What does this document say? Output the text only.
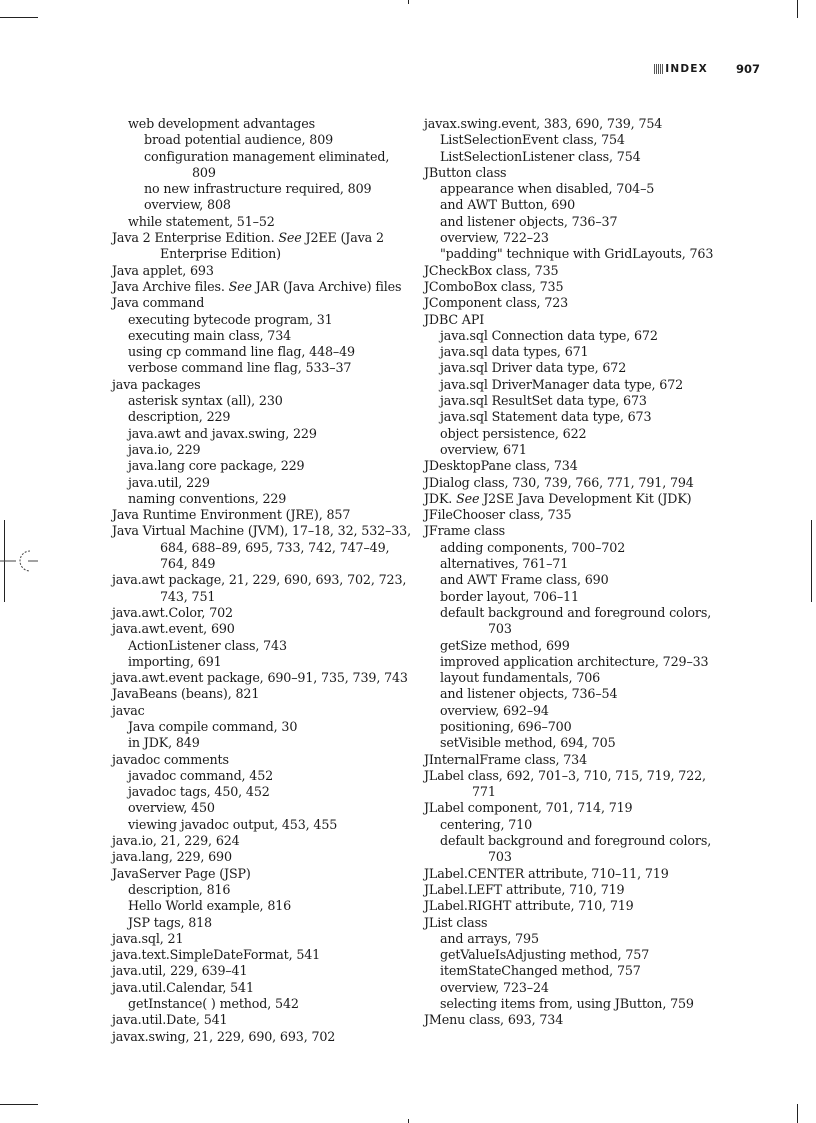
INDEX 907
web development advantages
broad potential audience, 809
configuration management eliminated, 809
no new infrastructure required, 809
overview, 808
while statement, 51–52
Java 2 Enterprise Edition. See J2EE (Java 2 Enterprise Edition)
Java applet, 693
Java Archive files. See JAR (Java Archive) files
Java command
executing bytecode program, 31
executing main class, 734
using cp command line flag, 448–49
verbose command line flag, 533–37
java packages
asterisk syntax (all), 230
description, 229
java.awt and javax.swing, 229
java.io, 229
java.lang core package, 229
java.util, 229
naming conventions, 229
Java Runtime Environment (JRE), 857
Java Virtual Machine (JVM), 17–18, 32, 532–33, 684, 688–89, 695, 733, 742, 747–49, 764, 849
java.awt package, 21, 229, 690, 693, 702, 723, 743, 751
java.awt.Color, 702
java.awt.event, 690
ActionListener class, 743
importing, 691
java.awt.event package, 690–91, 735, 739, 743
JavaBeans (beans), 821
javac
Java compile command, 30
in JDK, 849
javadoc comments
javadoc command, 452
javadoc tags, 450, 452
overview, 450
viewing javadoc output, 453, 455
java.io, 21, 229, 624
java.lang, 229, 690
JavaServer Page (JSP)
description, 816
Hello World example, 816
JSP tags, 818
java.sql, 21
java.text.SimpleDateFormat, 541
java.util, 229, 639–41
java.util.Calendar, 541
getInstance( ) method, 542
java.util.Date, 541
javax.swing, 21, 229, 690, 693, 702
javax.swing.event, 383, 690, 739, 754
ListSelectionEvent class, 754
ListSelectionListener class, 754
JButton class
appearance when disabled, 704–5
and AWT Button, 690
and listener objects, 736–37
overview, 722–23
"padding" technique with GridLayouts, 763
JCheckBox class, 735
JComboBox class, 735
JComponent class, 723
JDBC API
java.sql Connection data type, 672
java.sql data types, 671
java.sql Driver data type, 672
java.sql DriverManager data type, 672
java.sql ResultSet data type, 673
java.sql Statement data type, 673
object persistence, 622
overview, 671
JDesktopPane class, 734
JDialog class, 730, 739, 766, 771, 791, 794
JDK. See J2SE Java Development Kit (JDK)
JFileChooser class, 735
JFrame class
adding components, 700–702
alternatives, 761–71
and AWT Frame class, 690
border layout, 706–11
default background and foreground colors, 703
getSize method, 699
improved application architecture, 729–33
layout fundamentals, 706
and listener objects, 736–54
overview, 692–94
positioning, 696–700
setVisible method, 694, 705
JInternalFrame class, 734
JLabel class, 692, 701–3, 710, 715, 719, 722, 771
JLabel component, 701, 714, 719
centering, 710
default background and foreground colors, 703
JLabel.CENTER attribute, 710–11, 719
JLabel.LEFT attribute, 710, 719
JLabel.RIGHT attribute, 710, 719
JList class
and arrays, 795
getValueIsAdjusting method, 757
itemStateChanged method, 757
overview, 723–24
selecting items from, using JButton, 759
JMenu class, 693, 734
